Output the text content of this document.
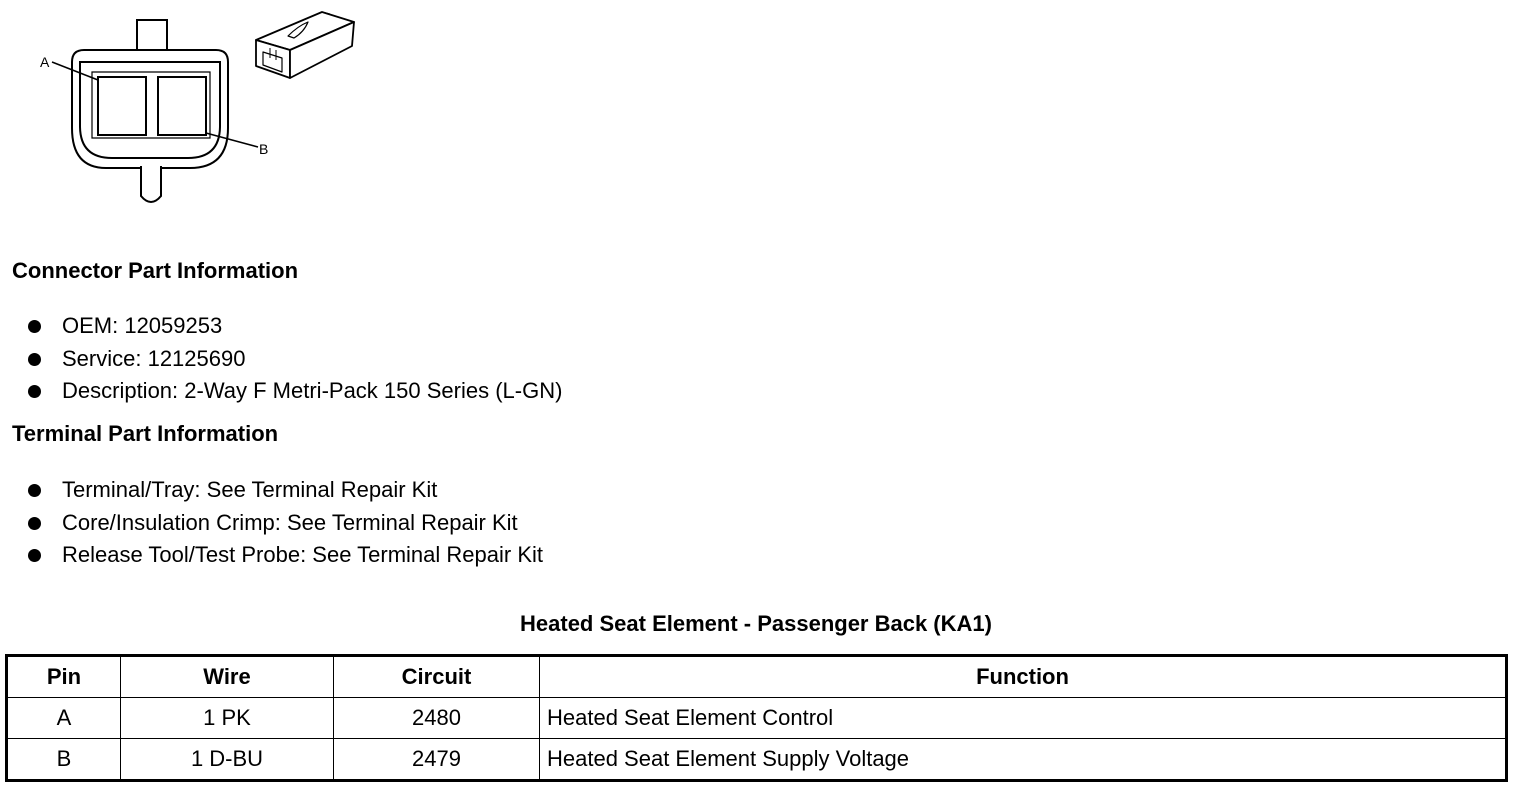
A
B
Connector Part Information
OEM: 12059253
Service: 12125690
Description: 2-Way F Metri-Pack 150 Series (L-GN)
Terminal Part Information
Terminal/Tray: See Terminal Repair Kit
Core/Insulation Crimp: See Terminal Repair Kit
Release Tool/Test Probe: See Terminal Repair Kit
Heated Seat Element - Passenger Back (KA1)
Pin	Wire	Circuit	Function
A	1 PK	2480	Heated Seat Element Control
B	1 D-BU	2479	Heated Seat Element Supply Voltage
